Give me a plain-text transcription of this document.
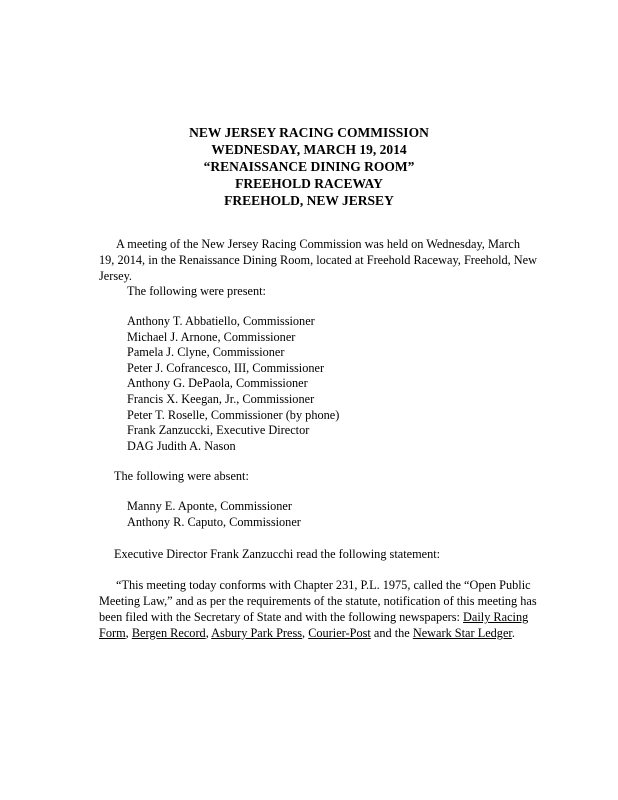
NEW JERSEY RACING COMMISSION
WEDNESDAY, MARCH 19, 2014
“RENAISSANCE DINING ROOM”
FREEHOLD RACEWAY
FREEHOLD, NEW JERSEY
A meeting of the New Jersey Racing Commission was held on Wednesday, March
19, 2014, in the Renaissance Dining Room, located at Freehold Raceway, Freehold, New
Jersey.
The following were present:
Anthony T. Abbatiello, Commissioner
Michael J. Arnone, Commissioner
Pamela J. Clyne, Commissioner
Peter J. Cofrancesco, III, Commissioner
Anthony G. DePaola, Commissioner
Francis X. Keegan, Jr., Commissioner
Peter T. Roselle, Commissioner (by phone)
Frank Zanzuccki, Executive Director
DAG Judith A. Nason
The following were absent:
Manny E. Aponte, Commissioner
Anthony R. Caputo, Commissioner
Executive Director Frank Zanzucchi read the following statement:
“This meeting today conforms with Chapter 231, P.L. 1975, called the “Open Public
Meeting Law,” and as per the requirements of the statute, notification of this meeting has
been filed with the Secretary of State and with the following newspapers: Daily Racing
Form, Bergen Record, Asbury Park Press, Courier-Post and the Newark Star Ledger.
